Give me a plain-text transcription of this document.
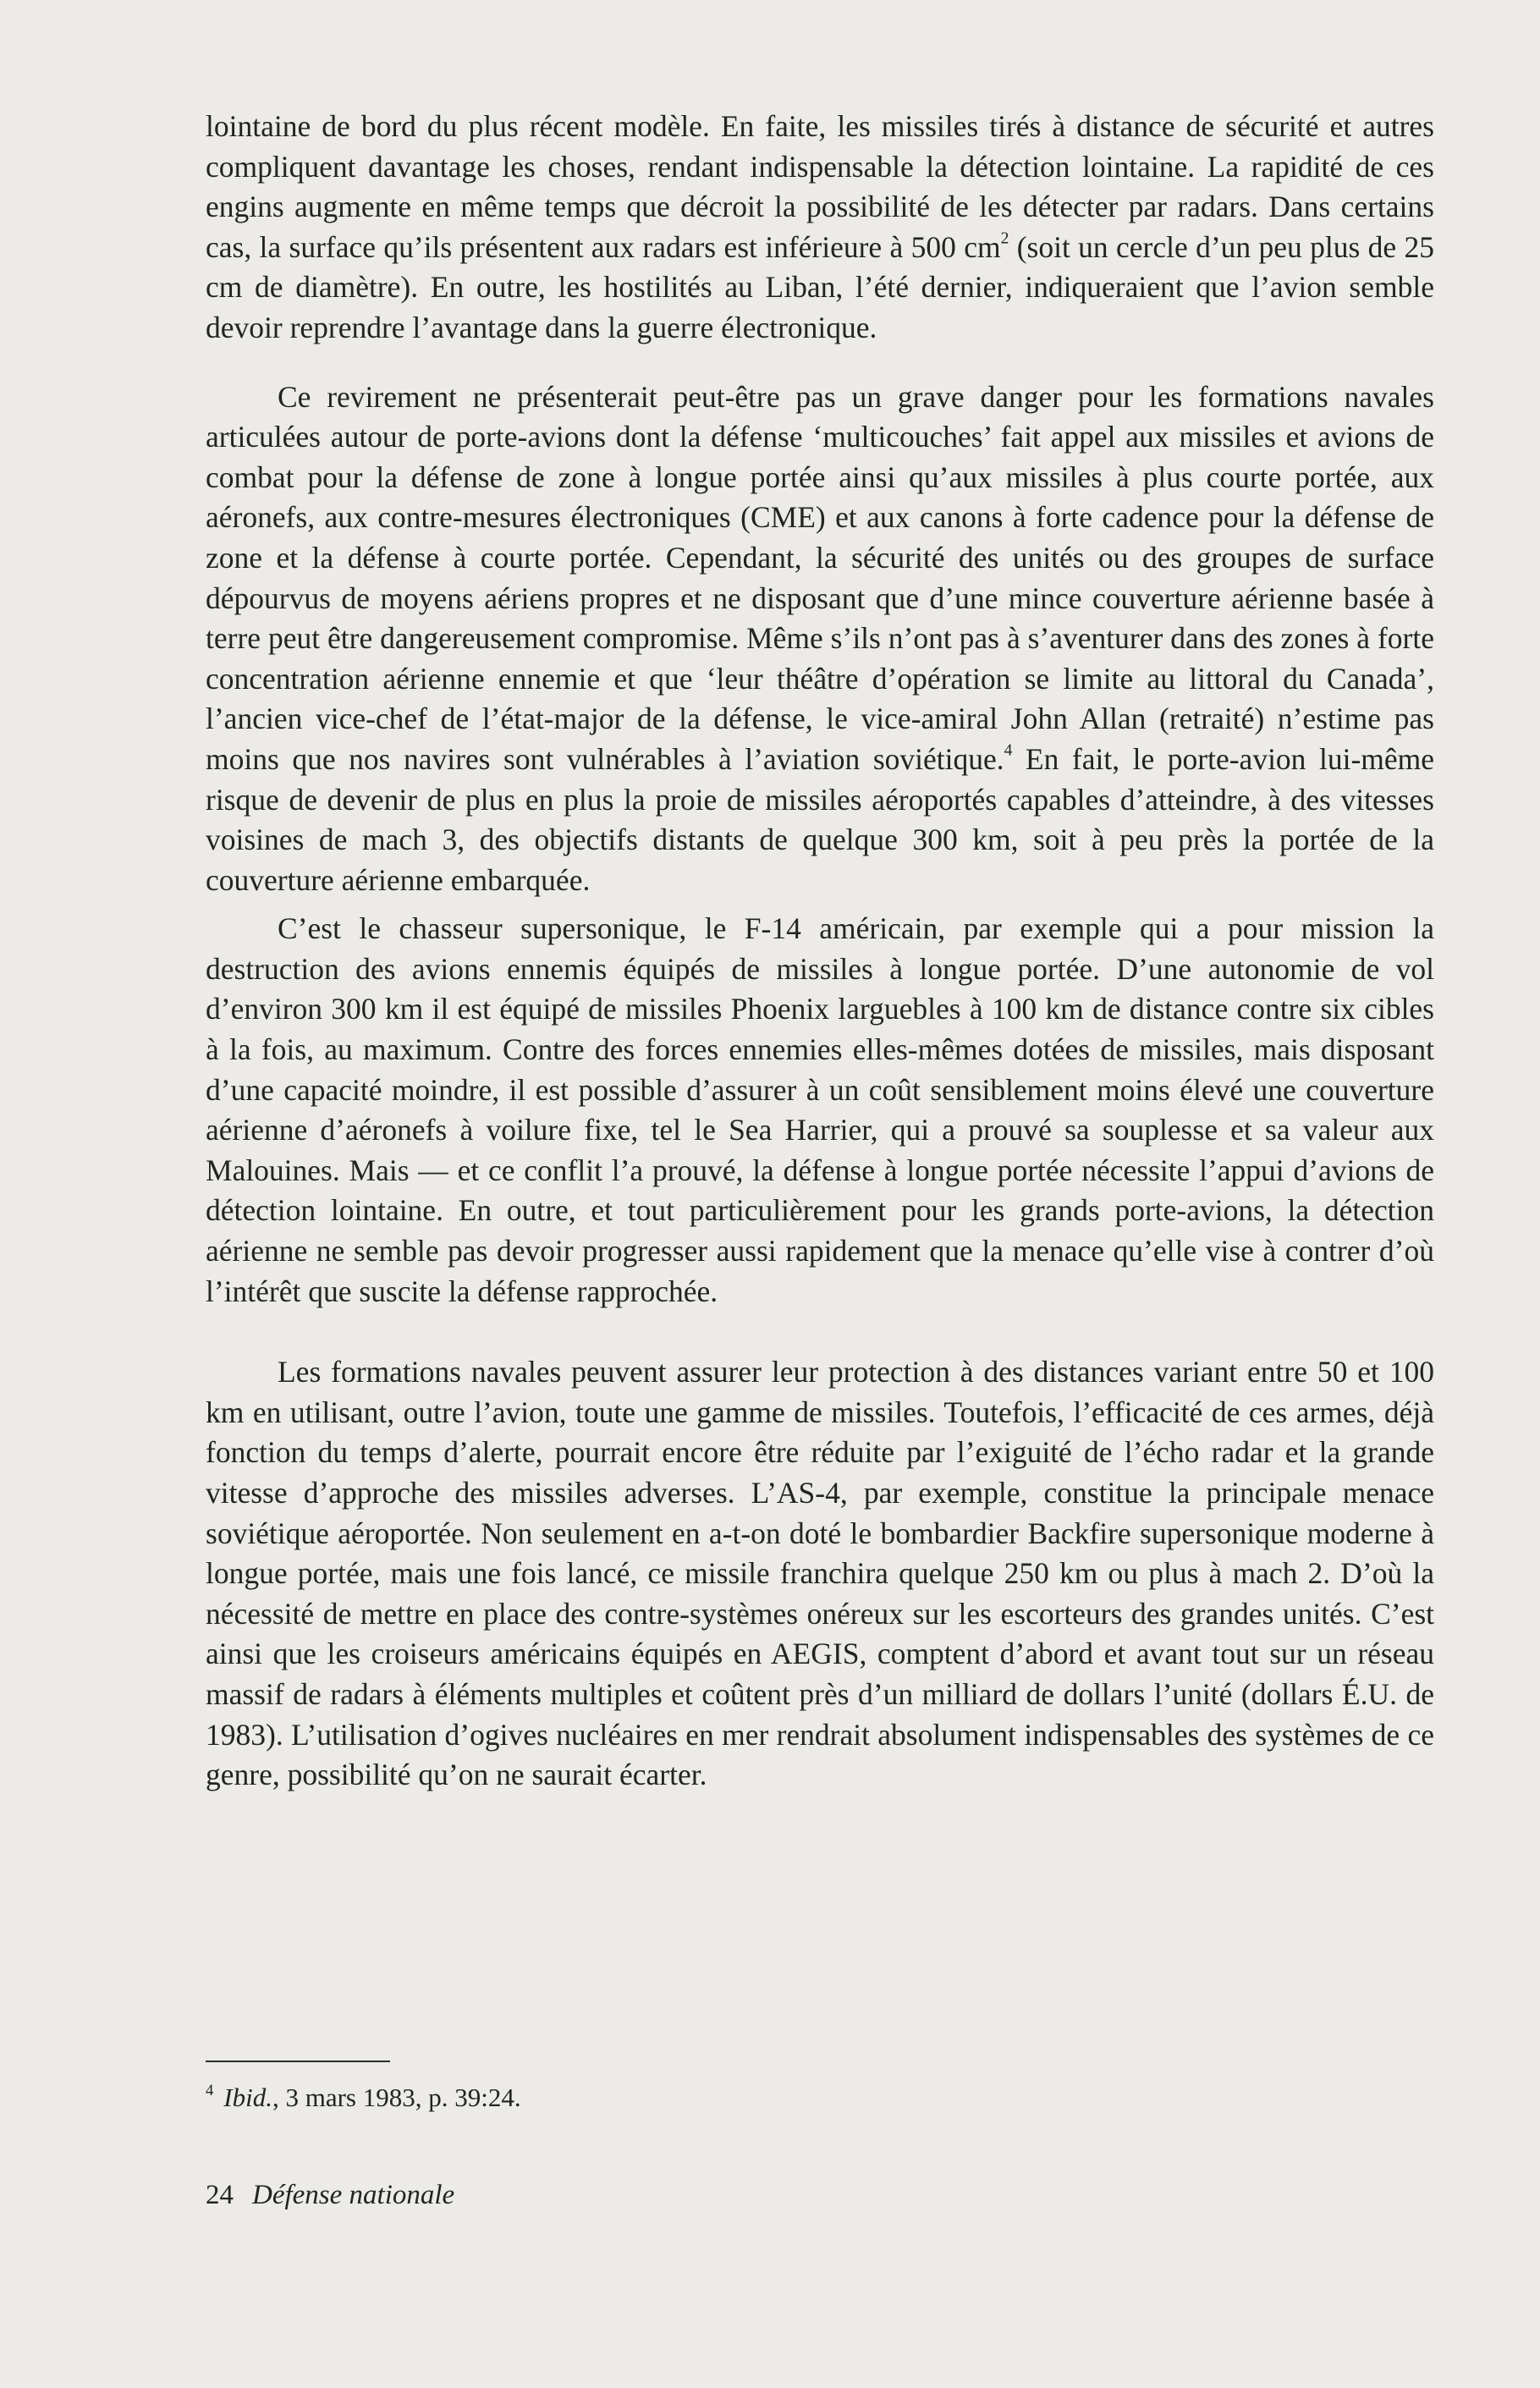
lointaine de bord du plus récent modèle. En faite, les missiles tirés à distance de sécurité et autres compliquent davantage les choses, rendant indispensable la détection lointaine. La rapidité de ces engins augmente en même temps que décroit la possibilité de les détecter par radars. Dans certains cas, la surface qu’ils présentent aux radars est inférieure à 500 $cm^2$ (soit un cercle d’un peu plus de 25 cm de diamètre). En outre, les hostilités au Liban, l’été dernier, indiqueraient que l’avion semble devoir reprendre l’avantage dans la guerre électronique.

Ce revirement ne présenterait peut-être pas un grave danger pour les formations navales articulées autour de porte-avions dont la défense ‘multicouches’ fait appel aux missiles et avions de combat pour la défense de zone à longue portée ainsi qu’aux missiles à plus courte portée, aux aéronefs, aux contre-mesures électroniques (CME) et aux canons à forte cadence pour la défense de zone et la défense à courte portée. Cependant, la sécurité des unités ou des groupes de surface dépourvus de moyens aériens propres et ne disposant que d’une mince couverture aérienne basée à terre peut être dangereusement compromise. Même s’ils n’ont pas à s’aventurer dans des zones à forte concentration aérienne ennemie et que ‘leur théâtre d’opération se limite au littoral du Canada’, l’ancien vice-chef de l’état-major de la défense, le vice-amiral John Allan (retraité) n’estime pas moins que nos navires sont vulnérables à l’aviation soviétique.$^4$ En fait, le porte-avion lui-même risque de devenir de plus en plus la proie de missiles aéroportés capables d’atteindre, à des vitesses voisines de mach 3, des objectifs distants de quelque 300 km, soit à peu près la portée de la couverture aérienne embarquée.

C’est le chasseur supersonique, le F-14 américain, par exemple qui a pour mission la destruction des avions ennemis équipés de missiles à longue portée. D’une autonomie de vol d’environ 300 km il est équipé de missiles Phoenix larguebles à 100 km de distance contre six cibles à la fois, au maximum. Contre des forces ennemies elles-mêmes dotées de missiles, mais disposant d’une capacité moindre, il est possible d’assurer à un coût sensiblement moins élevé une couverture aérienne d’aéronefs à voilure fixe, tel le Sea Harrier, qui a prouvé sa souplesse et sa valeur aux Malouines. Mais — et ce conflit l’a prouvé, la défense à longue portée nécessite l’appui d’avions de détection lointaine. En outre, et tout particulièrement pour les grands porte-avions, la détection aérienne ne semble pas devoir progresser aussi rapidement que la menace qu’elle vise à contrer d’où l’intérêt que suscite la défense rapprochée.

Les formations navales peuvent assurer leur protection à des distances variant entre 50 et 100 km en utilisant, outre l’avion, toute une gamme de missiles. Toutefois, l’efficacité de ces armes, déjà fonction du temps d’alerte, pourrait encore être réduite par l’exiguité de l’écho radar et la grande vitesse d’approche des missiles adverses. L’AS-4, par exemple, constitue la principale menace soviétique aéroportée. Non seulement en a-t-on doté le bombardier Backfire supersonique moderne à longue portée, mais une fois lancé, ce missile franchira quelque 250 km ou plus à mach 2. D’où la nécessité de mettre en place des contre-systèmes onéreux sur les escorteurs des grandes unités. C’est ainsi que les croiseurs américains équipés en AEGIS, comptent d’abord et avant tout sur un réseau massif de radars à éléments multiples et coûtent près d’un milliard de dollars l’unité (dollars É.U. de 1983). L’utilisation d’ogives nucléaires en mer rendrait absolument indispensables des systèmes de ce genre, possibilité qu’on ne saurait écarter.

$^4$ Ibid., 3 mars 1983, p. 39:24.
24 Défense nationale
